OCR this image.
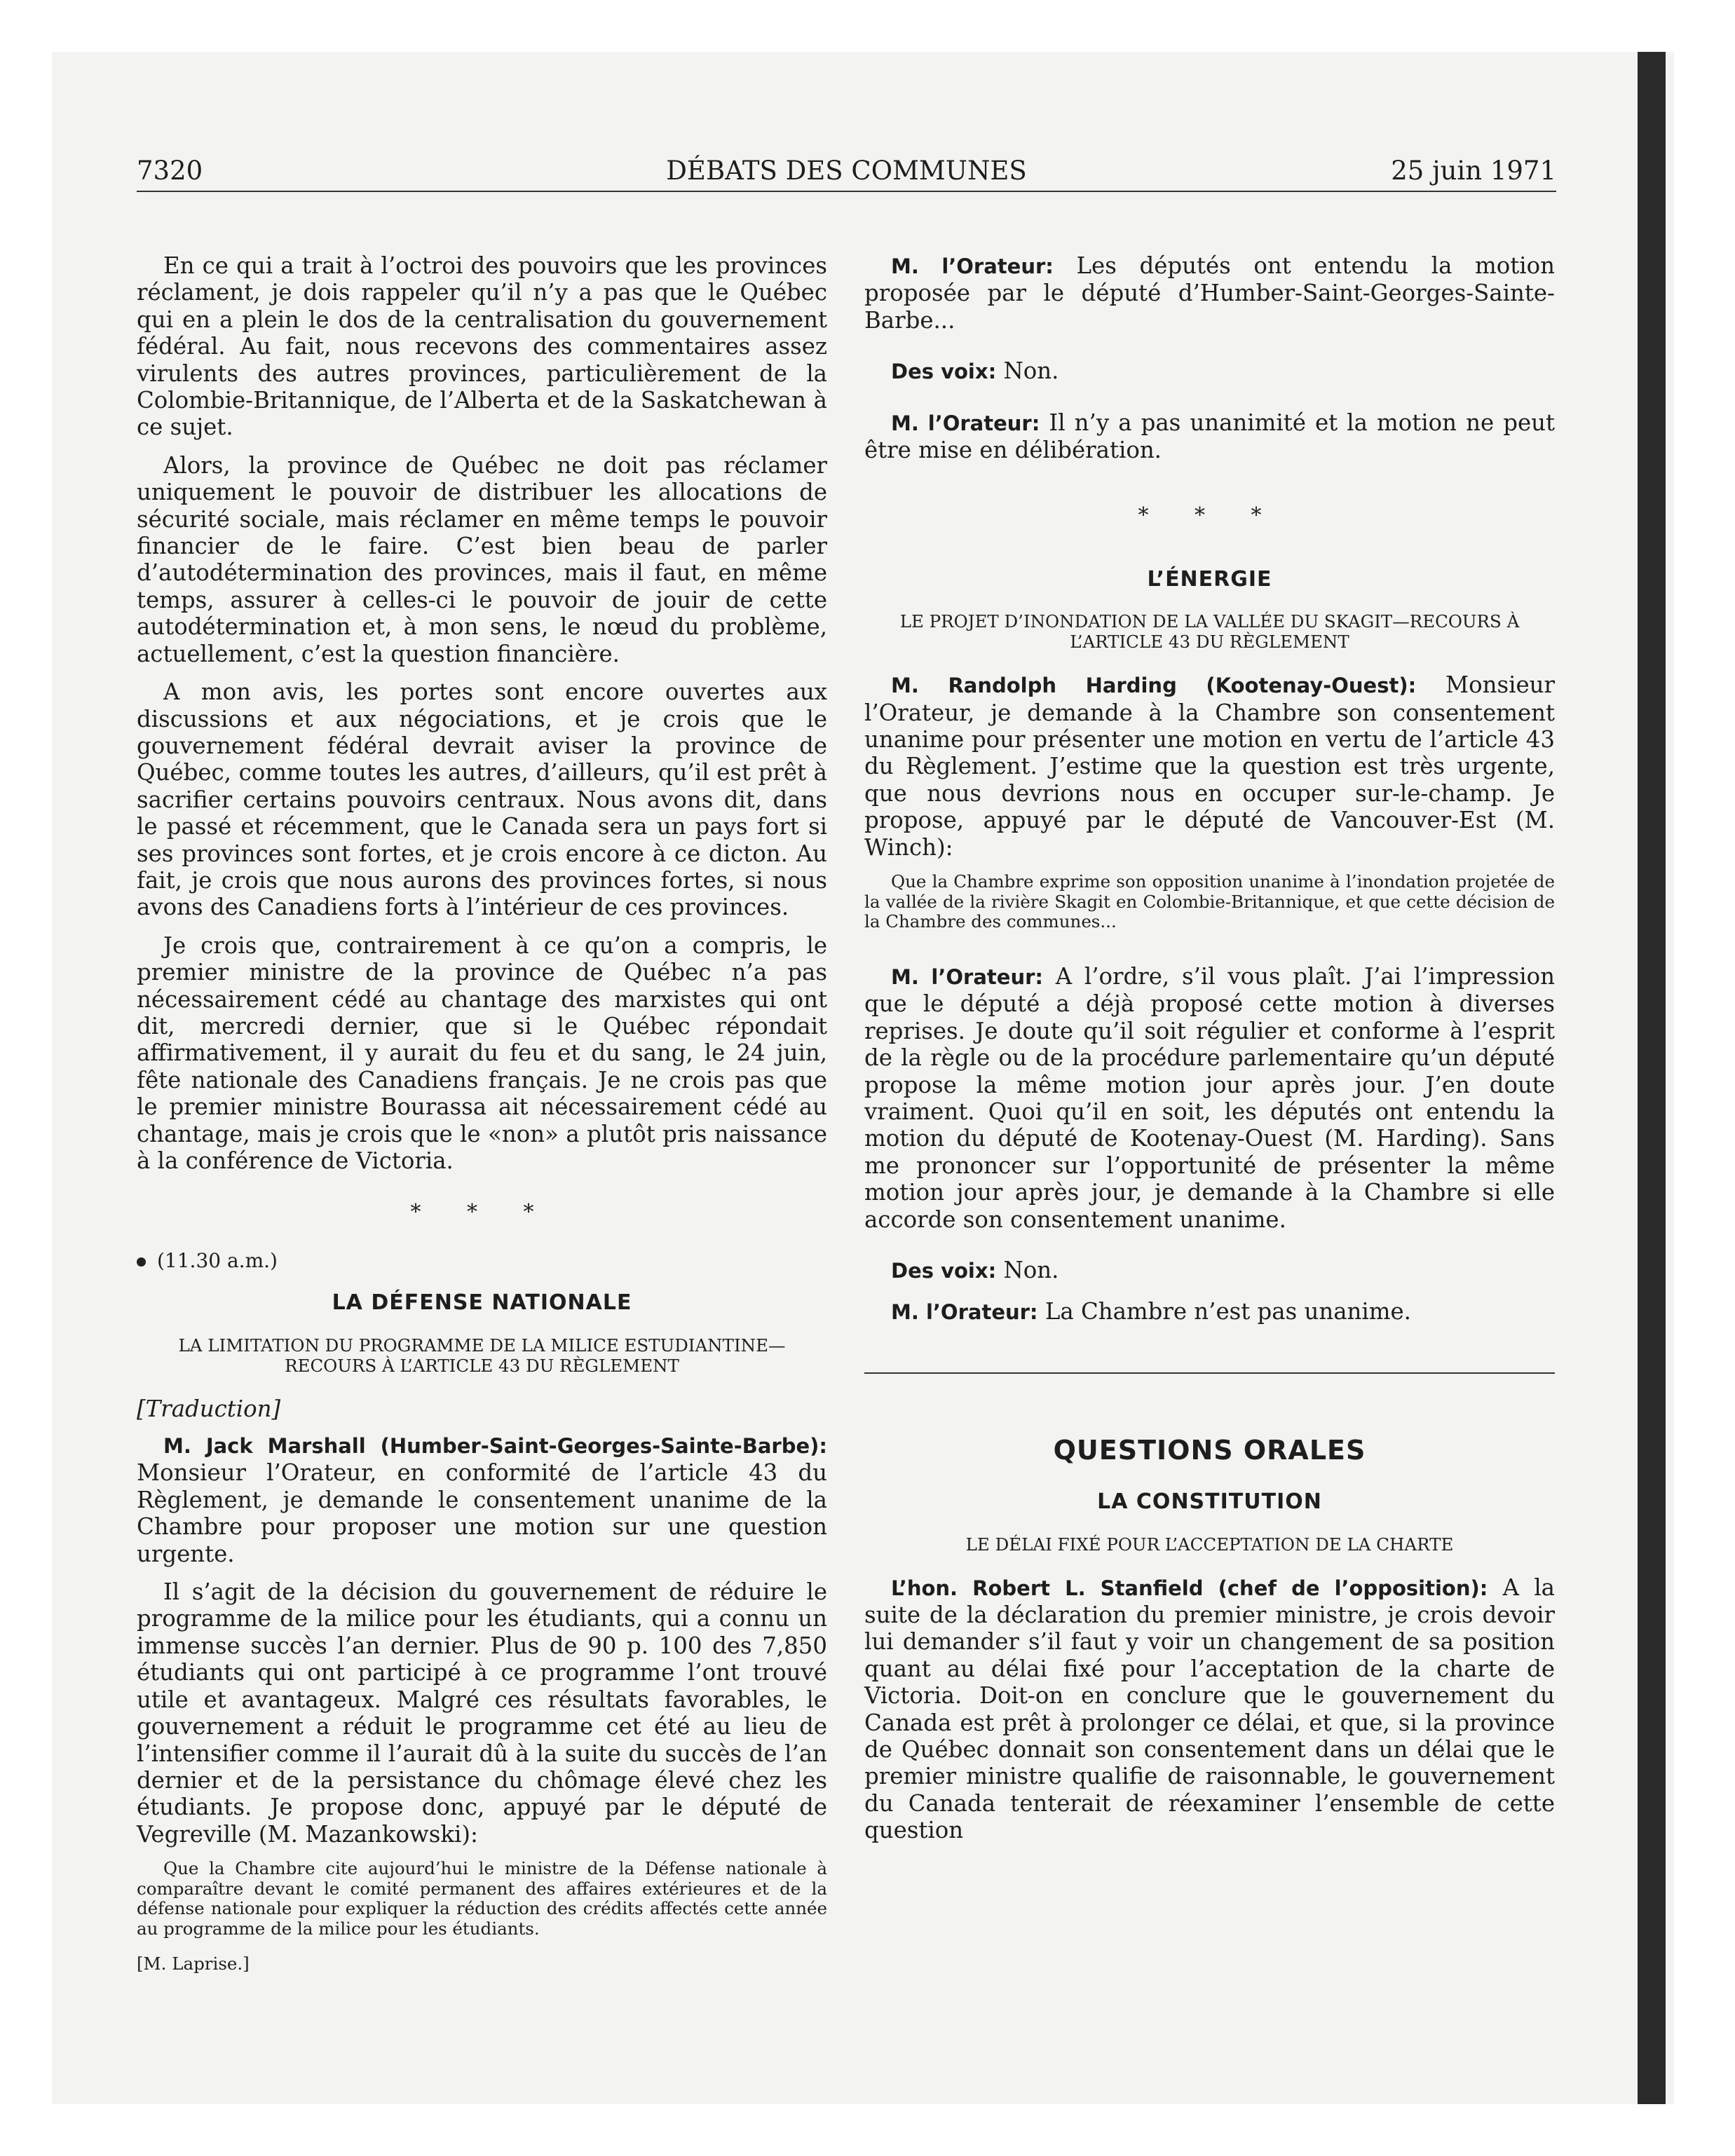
7320	DÉBATS DES COMMUNES	25 juin 1971

En ce qui a trait à l’octroi des pouvoirs que les provinces réclament, je dois rappeler qu’il n’y a pas que le Québec qui en a plein le dos de la centralisation du gouvernement fédéral. Au fait, nous recevons des commentaires assez virulents des autres provinces, particulièrement de la Colombie-Britannique, de l’Alberta et de la Saskatchewan à ce sujet.

Alors, la province de Québec ne doit pas réclamer uniquement le pouvoir de distribuer les allocations de sécurité sociale, mais réclamer en même temps le pouvoir financier de le faire. C’est bien beau de parler d’autodétermination des provinces, mais il faut, en même temps, assurer à celles-ci le pouvoir de jouir de cette autodétermination et, à mon sens, le nœud du problème, actuellement, c’est la question financière.

A mon avis, les portes sont encore ouvertes aux discussions et aux négociations, et je crois que le gouvernement fédéral devrait aviser la province de Québec, comme toutes les autres, d’ailleurs, qu’il est prêt à sacrifier certains pouvoirs centraux. Nous avons dit, dans le passé et récemment, que le Canada sera un pays fort si ses provinces sont fortes, et je crois encore à ce dicton. Au fait, je crois que nous aurons des provinces fortes, si nous avons des Canadiens forts à l’intérieur de ces provinces.

Je crois que, contrairement à ce qu’on a compris, le premier ministre de la province de Québec n’a pas nécessairement cédé au chantage des marxistes qui ont dit, mercredi dernier, que si le Québec répondait affirmativement, il y aurait du feu et du sang, le 24 juin, fête nationale des Canadiens français. Je ne crois pas que le premier ministre Bourassa ait nécessairement cédé au chantage, mais je crois que le «non» a plutôt pris naissance à la conférence de Victoria.

* * *
(11.30 a.m.)
LA DÉFENSE NATIONALE
LA LIMITATION DU PROGRAMME DE LA MILICE ESTUDIANTINE—RECOURS À L’ARTICLE 43 DU RÈGLEMENT
[Traduction]

M. Jack Marshall (Humber-Saint-Georges-Sainte-Barbe): Monsieur l’Orateur, en conformité de l’article 43 du Règlement, je demande le consentement unanime de la Chambre pour proposer une motion sur une question urgente.

Il s’agit de la décision du gouvernement de réduire le programme de la milice pour les étudiants, qui a connu un immense succès l’an dernier. Plus de 90 p. 100 des 7,850 étudiants qui ont participé à ce programme l’ont trouvé utile et avantageux. Malgré ces résultats favorables, le gouvernement a réduit le programme cet été au lieu de l’intensifier comme il l’aurait dû à la suite du succès de l’an dernier et de la persistance du chômage élevé chez les étudiants. Je propose donc, appuyé par le député de Vegreville (M. Mazankowski):

Que la Chambre cite aujourd’hui le ministre de la Défense nationale à comparaître devant le comité permanent des affaires extérieures et de la défense nationale pour expliquer la réduction des crédits affectés cette année au programme de la milice pour les étudiants.

[M. Laprise.]

M. l’Orateur: Les députés ont entendu la motion proposée par le député d’Humber-Saint-Georges-Sainte-Barbe...

Des voix: Non.

M. l’Orateur: Il n’y a pas unanimité et la motion ne peut être mise en délibération.

* * *
L’ÉNERGIE
LE PROJET D’INONDATION DE LA VALLÉE DU SKAGIT—RECOURS À L’ARTICLE 43 DU RÈGLEMENT

M. Randolph Harding (Kootenay-Ouest): Monsieur l’Orateur, je demande à la Chambre son consentement unanime pour présenter une motion en vertu de l’article 43 du Règlement. J’estime que la question est très urgente, que nous devrions nous en occuper sur-le-champ. Je propose, appuyé par le député de Vancouver-Est (M. Winch):

Que la Chambre exprime son opposition unanime à l’inondation projetée de la vallée de la rivière Skagit en Colombie-Britannique, et que cette décision de la Chambre des communes...

M. l’Orateur: A l’ordre, s’il vous plaît. J’ai l’impression que le député a déjà proposé cette motion à diverses reprises. Je doute qu’il soit régulier et conforme à l’esprit de la règle ou de la procédure parlementaire qu’un député propose la même motion jour après jour. J’en doute vraiment. Quoi qu’il en soit, les députés ont entendu la motion du député de Kootenay-Ouest (M. Harding). Sans me prononcer sur l’opportunité de présenter la même motion jour après jour, je demande à la Chambre si elle accorde son consentement unanime.

Des voix: Non.

M. l’Orateur: La Chambre n’est pas unanime.

QUESTIONS ORALES
LA CONSTITUTION
LE DÉLAI FIXÉ POUR L’ACCEPTATION DE LA CHARTE

L’hon. Robert L. Stanfield (chef de l’opposition): A la suite de la déclaration du premier ministre, je crois devoir lui demander s’il faut y voir un changement de sa position quant au délai fixé pour l’acceptation de la charte de Victoria. Doit-on en conclure que le gouvernement du Canada est prêt à prolonger ce délai, et que, si la province de Québec donnait son consentement dans un délai que le premier ministre qualifie de raisonnable, le gouvernement du Canada tenterait de réexaminer l’ensemble de cette question
